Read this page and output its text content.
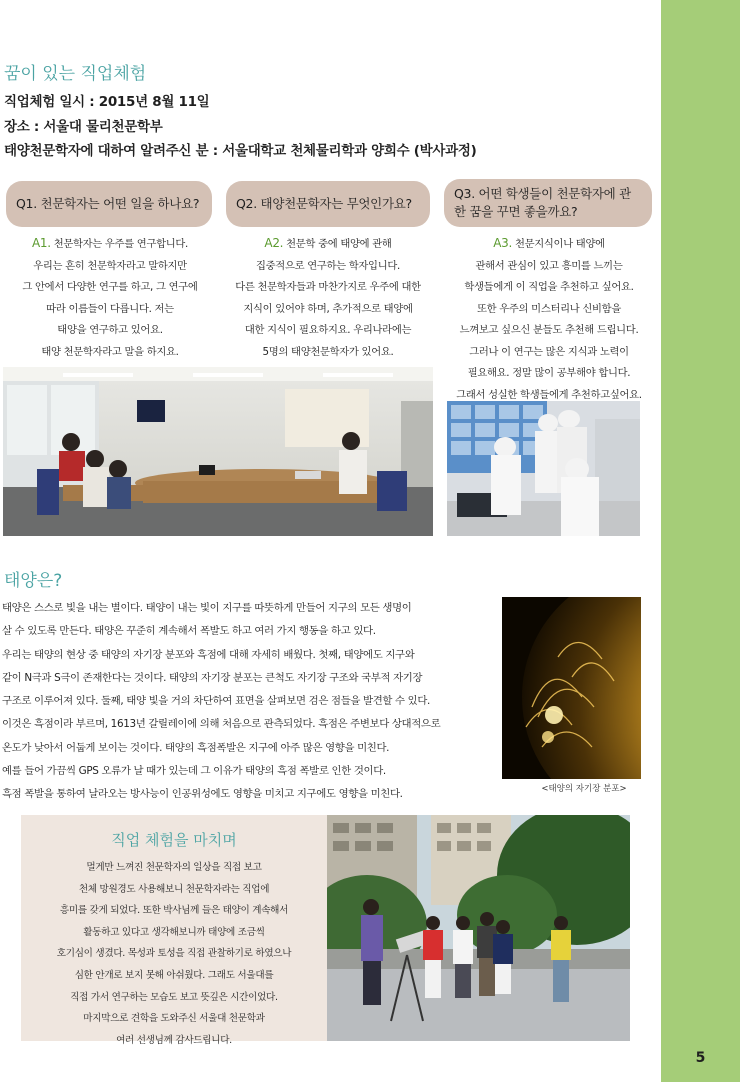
5
꿈이 있는 직업체험
직업체험 일시 : 2015년 8월 11일
장소 : 서울대 물리천문학부
태양천문학자에 대하여 알려주신 분 : 서울대학교 천체물리학과 양희수 (박사과정)
Q1. 천문학자는 어떤 일을 하나요?	Q2. 태양천문학자는 무엇인가요?
Q3. 어떤 학생들이 천문학자에 관한 꿈을 꾸면 좋을까요?
A1. 천문학자는 우주를 연구합니다.
우리는 흔히 천문학자라고 말하지만
그 안에서 다양한 연구를 하고, 그 연구에
따라 이름들이 다릅니다. 저는
태양을 연구하고 있어요.
태양 천문학자라고 말을 하지요.
A2. 천문학 중에 태양에 관해
집중적으로 연구하는 학자입니다.
다른 천문학자들과 마찬가지로 우주에 대한
지식이 있어야 하며, 추가적으로 태양에
대한 지식이 필요하지요. 우리나라에는
5명의 태양천문학자가 있어요.
A3. 천문지식이나 태양에
관해서 관심이 있고 흥미를 느끼는
학생들에게 이 직업을 추천하고 싶어요.
또한 우주의 미스터리나 신비함을
느껴보고 싶으신 분들도 추천해 드립니다.
그러나 이 연구는 많은 지식과 노력이
필요해요. 정말 많이 공부해야 합니다.
그래서 성실한 학생들에게 추천하고싶어요.
태양은?
태양은 스스로 빛을 내는 별이다. 태양이 내는 빛이 지구를 따뜻하게 만들어 지구의 모든 생명이
살 수 있도록 만든다. 태양은 꾸준히 계속해서 폭발도 하고 여러 가지 행동을 하고 있다.
우리는 태양의 현상 중 태양의 자기장 분포와 흑점에 대해 자세히 배웠다. 첫째, 태양에도 지구와
같이 N극과 S극이 존재한다는 것이다. 태양의 자기장 분포는 큰척도 자기장 구조와 국부적 자기장
구조로 이루어져 있다. 둘째, 태양 빛을 거의 차단하여 표면을 살펴보면 검은 점들을 발견할 수 있다.
이것은 흑점이라 부르며, 1613년 갈릴레이에 의해 처음으로 관측되었다. 흑점은 주변보다 상대적으로
온도가 낮아서 어둡게 보이는 것이다. 태양의 흑점폭발은 지구에 아주 많은 영향을 미친다.
예를 들어 가끔씩 GPS 오류가 날 때가 있는데 그 이유가 태양의 흑점 폭발로 인한 것이다.
흑점 폭발을 통하여 날라오는 방사능이 인공위성에도 영향을 미치고 지구에도 영향을 미친다.	<태양의 자기장 분포>
직업 체험을 마치며
멀게만 느껴진 천문학자의 일상을 직접 보고
천체 망원경도 사용해보니 천문학자라는 직업에
흥미를 갖게 되었다. 또한 박사님께 들은 태양이 계속해서
활동하고 있다고 생각해보니까 태양에 조금씩
호기심이 생겼다. 목성과 토성을 직접 관찰하기로 하였으나
심한 안개로 보지 못해 아쉬웠다. 그래도 서울대를
직접 가서 연구하는 모습도 보고 뜻깊은 시간이었다.
마지막으로 견학을 도와주신 서울대 천문학과
여러 선생님께 감사드립니다.
